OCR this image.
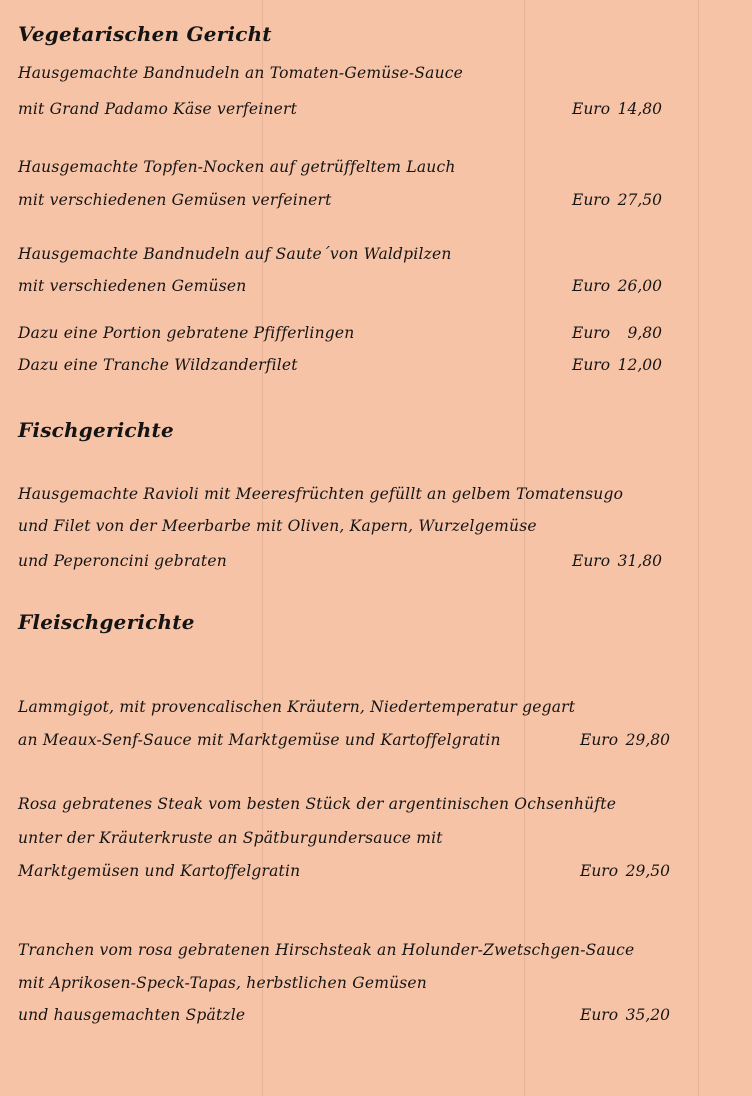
Vegetarischen Gericht
Hausgemachte Bandnudeln an Tomaten-Gemüse-Sauce
mit Grand Padamo Käse verfeinert	Euro 14,80
Hausgemachte Topfen-Nocken auf getrüffeltem Lauch
mit verschiedenen Gemüsen verfeinert	Euro 27,50
Hausgemachte Bandnudeln auf Saute´von Waldpilzen
mit verschiedenen Gemüsen	Euro 26,00
Dazu eine Portion gebratene Pfifferlingen	Euro 9,80
Dazu eine Tranche Wildzanderfilet	Euro 12,00
Fischgerichte
Hausgemachte Ravioli mit Meeresfrüchten gefüllt an gelbem Tomatensugo
und Filet von der Meerbarbe mit Oliven, Kapern, Wurzelgemüse
und Peperoncini gebraten	Euro 31,80
Fleischgerichte
Lammgigot, mit provencalischen Kräutern, Niedertemperatur gegart
an Meaux-Senf-Sauce mit Marktgemüse und Kartoffelgratin	Euro 29,80
Rosa gebratenes Steak vom besten Stück der argentinischen Ochsenhüfte
unter der Kräuterkruste an Spätburgundersauce mit
Marktgemüsen und Kartoffelgratin	Euro 29,50
Tranchen vom rosa gebratenen Hirschsteak an Holunder-Zwetschgen-Sauce
mit Aprikosen-Speck-Tapas, herbstlichen Gemüsen
und hausgemachten Spätzle	Euro 35,20
